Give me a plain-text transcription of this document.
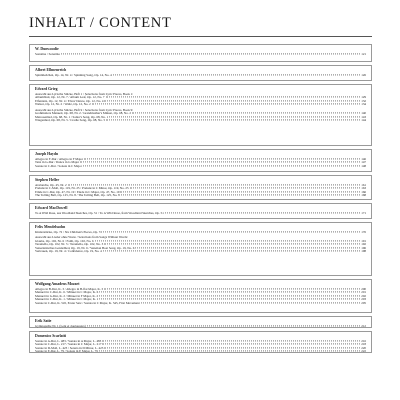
INHALT / CONTENT
W. Dunwoodie
Sonatine / Sonatina	121
Albert Ellmenreich
Spinnliedchen, Op. 14, Nr. 4 / Spinning Song, Op. 14, No. 4	126
Edvard Grieg
Auswahl aus Lyrische Stücke, Heft 1 / Selections from Lyric Pieces, Book 1:
Albumblatt, Op. 12, Nr. 7 / Album Leaf, Op. 12, No. 7	129
Elfentanz, Op. 12, Nr. 4 / Elves' Dance, Op. 12, No. 4	132
Walzer, Op. 12, Nr. 2 / Waltz, Op. 12, No. 2	134
Auswahl aus Lyrische Stücke, Heft 9 / Selections from Lyric Pieces, Book 9:
Großmutters Menuett, Op. 68, Nr. 2 / Grandmother's Minuet, Op. 68, No. 2	140
Matrosenlied, Op. 68, Nr. 1 / Sailor's Song, Op. 68, No. 1	143
Wiegenlied, Op. 68, Nr. 5 / Cradle Song, Op. 68, No. 5	144
Joseph Haydn
Allegro in F-Dur / Allegro in F Major	146
Tanz in G-Dur / Dance in G Major	147
Sonate in C-Dur / Sonata in C Major	148
Stephen Heller
Avalanche, Op. 45, Nr. 2	161
Prelude in C-Moll, Op. 119, Nr. 25 / Prelude in C Minor, Op. 119, No. 25	163
Etüde in C-Dur, Op. 47, Nr. 19 / Etude in C Major, Op. 47, No. 19	166
The Tolling Bell, Op. 125, Nr. 8 / The Tolling Bell, Op. 125, No. 8	168
Edward MacDowell
To A Wild Rose, aus Woodland Sketches, Op. 51 / To A Wild Rose, from Woodland Sketches, Op. 51	171
Felix Mendelssohn
Kinderstücke, Op. 72 / Six Children's Pieces, Op. 72	176
Auswahl aus Lieder ohne Worte / Selections from Songs Without Words:
Glaube, Op. 102, Nr. 6 / Faith, Op. 102, No. 6	191
Tarantella, Op. 102, Nr. 3 / Tarantella, Op. 102, No. 3	192
Venezianisches Gondellied, Op. 19, Nr. 6 / Venetian Boat Song, Op. 19, No. 6	196
Vertrauen, Op. 19, Nr. 4 / Confidence, Op. 19, No. 4	198
Wolfgang Amadeus Mozart
Allegro in B-Dur, K. 3 / Allegro in B-flat Major, K. 3	200
Menuett in C-Dur, K. 6 / Minuet in C Major, K. 6	201
Menuett in G-Dur, K. 2 / Minuet in F Major, K. 2	202
Menuett in C-Dur, K. 1 / Minuet in C Major, K. 1	203
Sonate in C-Dur, K. 545, Erster Satz / Sonata in C Major, K. 545, First Movement	205
Erik Satie
Gymnopédie Nr. 1 (Lent et douloureux)	212
Domenico Scarlatti
Sonate in A-Dur, L. 483 / Sonata in A Major, L. 483	216
Sonate in C-Dur, L. 217 / Sonata in C Major, L. 217	218
Sonate in D-Moll, L. 423 / Sonata in D Minor, L. 423	220
Sonate in E-Dur, L. 79 / Sonata in E Major, L. 79	222
